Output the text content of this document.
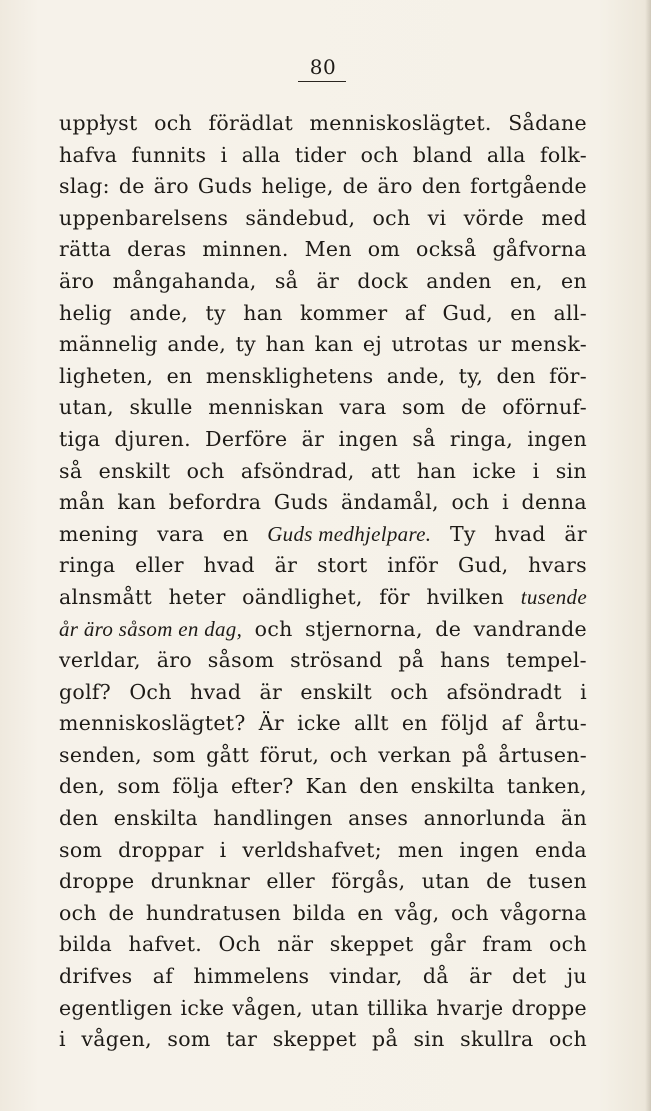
80
uppłyst och förädlat menniskoslägtet. Sådane
hafva funnits i alla tider och bland alla folk-
slag: de äro Guds helige, de äro den fortgående
uppenbarelsens sändebud, och vi vörde med
rätta deras minnen. Men om också gåfvorna
äro mångahanda, så är dock anden en, en
helig ande, ty han kommer af Gud, en all-
männelig ande, ty han kan ej utrotas ur mensk-
ligheten, en mensklighetens ande, ty, den för-
utan, skulle menniskan vara som de oförnuf-
tiga djuren. Derföre är ingen så ringa, ingen
så enskilt och afsöndrad, att han icke i sin
mån kan befordra Guds ändamål, och i denna
mening vara en Guds medhjelpare. Ty hvad är
ringa eller hvad är stort inför Gud, hvars
alnsmått heter oändlighet, för hvilken tusende
år äro såsom en dag, och stjernorna, de vandrande
verldar, äro såsom strösand på hans tempel-
golf? Och hvad är enskilt och afsöndradt i
menniskoslägtet? Är icke allt en följd af årtu-
senden, som gått förut, och verkan på årtusen-
den, som följa efter? Kan den enskilta tanken,
den enskilta handlingen anses annorlunda än
som droppar i verldshafvet; men ingen enda
droppe drunknar eller förgås, utan de tusen
och de hundratusen bilda en våg, och vågorna
bilda hafvet. Och när skeppet går fram och
drifves af himmelens vindar, då är det ju
egentligen icke vågen, utan tillika hvarje droppe
i vågen, som tar skeppet på sin skullra och
